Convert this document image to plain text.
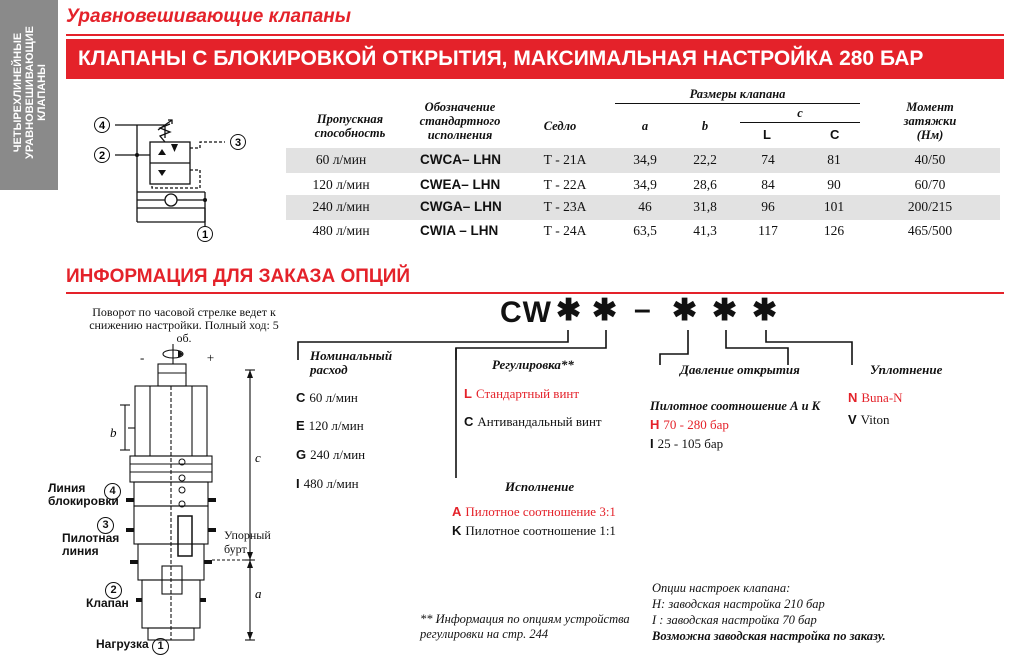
ЧЕТЫРЕХЛИНЕЙНЫЕ УРАВНОВЕШИВАЮЩИЕ КЛАПАНЫ
Уравновешивающие клапаны
КЛАПАНЫ С БЛОКИРОВКОЙ ОТКРЫТИЯ, МАКСИМАЛЬНАЯ НАСТРОЙКА 280 БАР
4
2
3
1
Пропускная способность
Обозначение стандартного исполнения
Седло
Размеры клапана
a	b
c
L	C
Момент затяжки (Нм)
60 л/мин	CWCA– LHN	Т - 21А	34,9	22,2	74	81	40/50
120 л/мин	CWEA– LHN	Т - 22А	34,9	28,6	84	90	60/70
240 л/мин	CWGA– LHN	Т - 23А	46	31,8	96	101	200/215
480 л/мин	CWIA – LHN	Т - 24А	63,5	41,3	117	126	465/500
ИНФОРМАЦИЯ ДЛЯ ЗАКАЗА ОПЦИЙ
Поворот по часовой стрелке ведет к снижению настройки. Полный ход: 5 об.
-	+
b
c
a
4
Линия блокировки
3
Пилотная линия
2
Клапан
Нагрузка 1
Упорный бурт
CW ✱ ✱ – ✱ ✱ ✱
Номинальный расход
C 60 л/мин
E 120 л/мин
G 240 л/мин
I 480 л/мин
Регулировка**
L Стандартный винт
C Антивандальный винт
Исполнение
A Пилотное соотношение 3:1
K Пилотное соотношение 1:1
Давление открытия
Пилотное соотношение А и К
H 70 - 280 бар
I 25 - 105 бар
Уплотнение
N Buna-N
V Viton
** Информация по опциям устройства регулировки на стр. 244
Опции настроек клапана:
H: заводская настройка 210 бар
I : заводская настройка 70 бар
Возможна заводская настройка по заказу.
